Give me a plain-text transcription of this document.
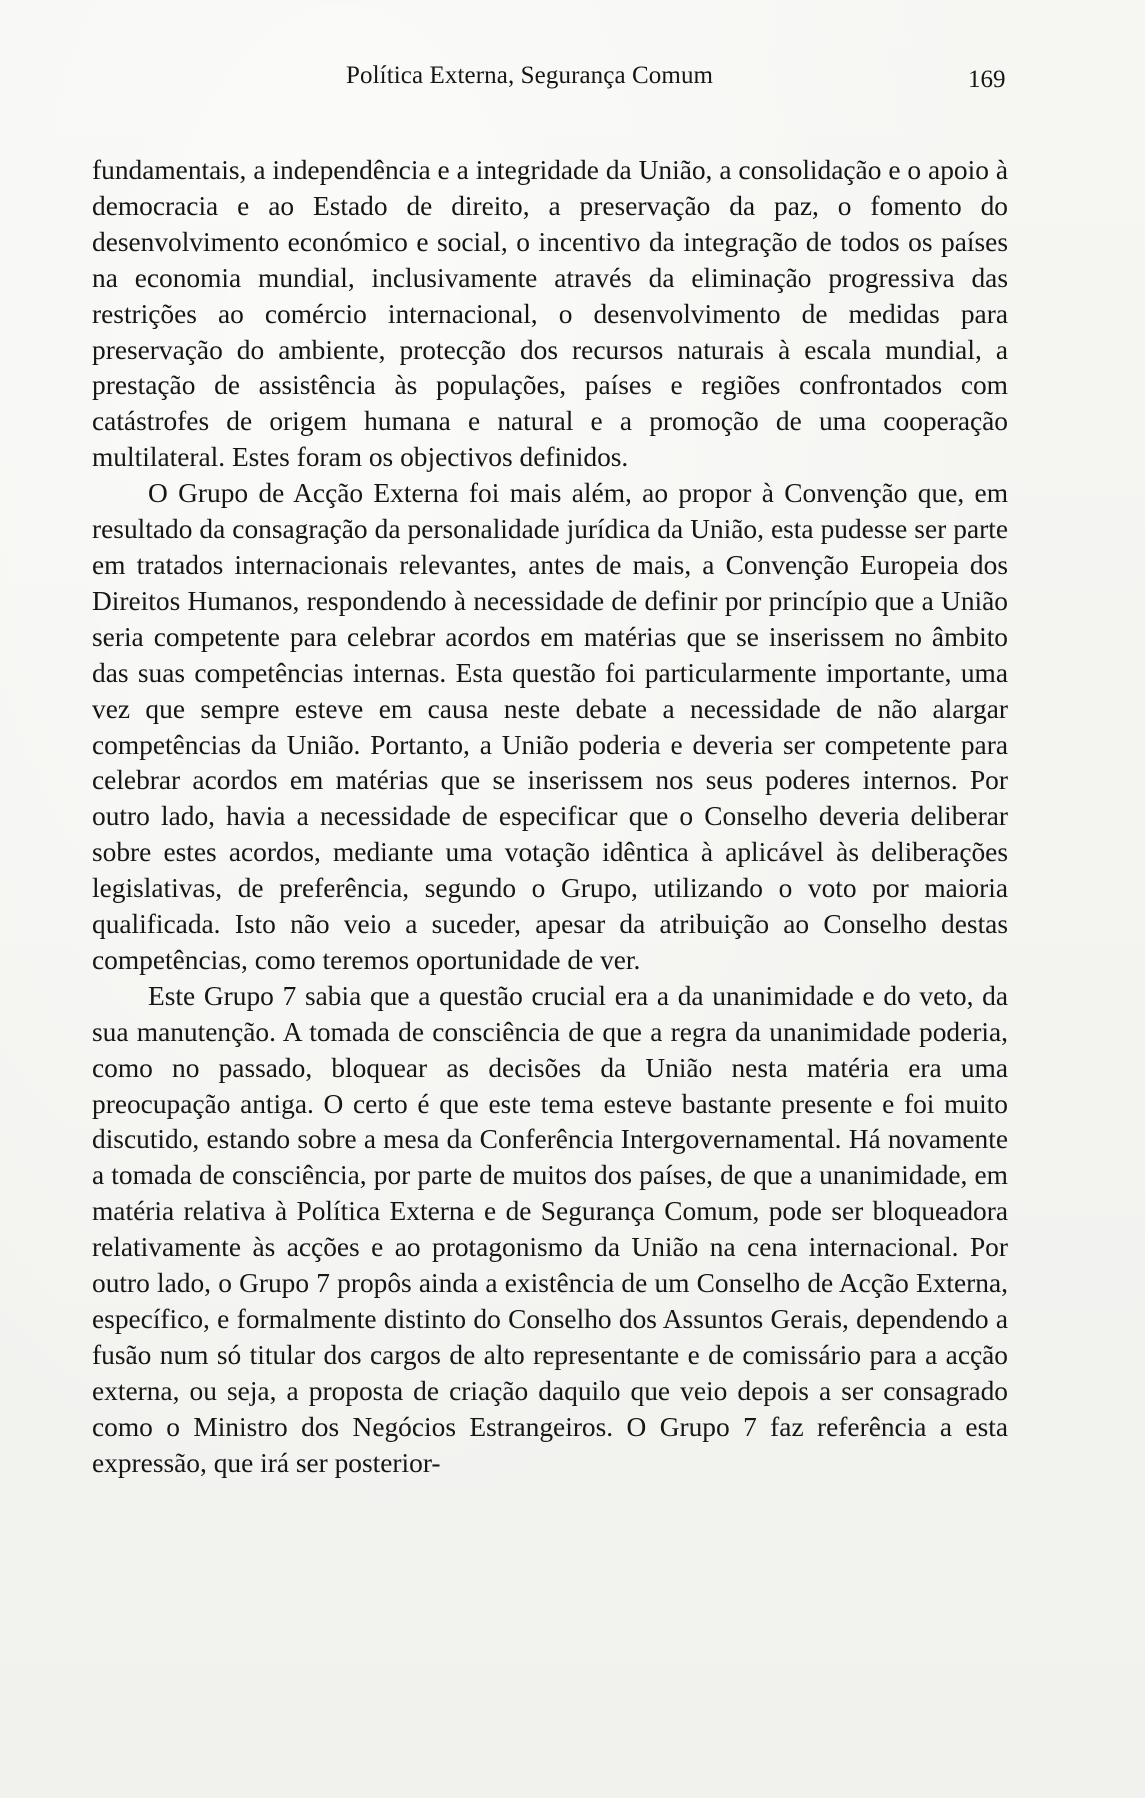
Política Externa, Segurança Comum	169

fundamentais, a independência e a integridade da União, a consolidação e o apoio à democracia e ao Estado de direito, a preservação da paz, o fomento do desenvolvimento económico e social, o incentivo da integração de todos os países na economia mundial, inclusivamente através da eliminação progressiva das restrições ao comércio internacional, o desenvolvimento de medidas para preservação do ambiente, protecção dos recursos naturais à escala mundial, a prestação de assistência às populações, países e regiões confrontados com catástrofes de origem humana e natural e a promoção de uma cooperação multilateral. Estes foram os objectivos definidos.

O Grupo de Acção Externa foi mais além, ao propor à Convenção que, em resultado da consagração da personalidade jurídica da União, esta pudesse ser parte em tratados internacionais relevantes, antes de mais, a Convenção Europeia dos Direitos Humanos, respondendo à necessidade de definir por princípio que a União seria competente para celebrar acordos em matérias que se inserissem no âmbito das suas competências internas. Esta questão foi particularmente importante, uma vez que sempre esteve em causa neste debate a necessidade de não alargar competências da União. Portanto, a União poderia e deveria ser competente para celebrar acordos em matérias que se inserissem nos seus poderes internos. Por outro lado, havia a necessidade de especificar que o Conselho deveria deliberar sobre estes acordos, mediante uma votação idêntica à aplicável às deliberações legislativas, de preferência, segundo o Grupo, utilizando o voto por maioria qualificada. Isto não veio a suceder, apesar da atribuição ao Conselho destas competências, como teremos oportunidade de ver.

Este Grupo 7 sabia que a questão crucial era a da unanimidade e do veto, da sua manutenção. A tomada de consciência de que a regra da unanimidade poderia, como no passado, bloquear as decisões da União nesta matéria era uma preocupação antiga. O certo é que este tema esteve bastante presente e foi muito discutido, estando sobre a mesa da Conferência Intergovernamental. Há novamente a tomada de consciência, por parte de muitos dos países, de que a unanimidade, em matéria relativa à Política Externa e de Segurança Comum, pode ser bloqueadora relativamente às acções e ao protagonismo da União na cena internacional. Por outro lado, o Grupo 7 propôs ainda a existência de um Conselho de Acção Externa, específico, e formalmente distinto do Conselho dos Assuntos Gerais, dependendo a fusão num só titular dos cargos de alto representante e de comissário para a acção externa, ou seja, a proposta de criação daquilo que veio depois a ser consagrado como o Ministro dos Negócios Estrangeiros. O Grupo 7 faz referência a esta expressão, que irá ser posterior-
